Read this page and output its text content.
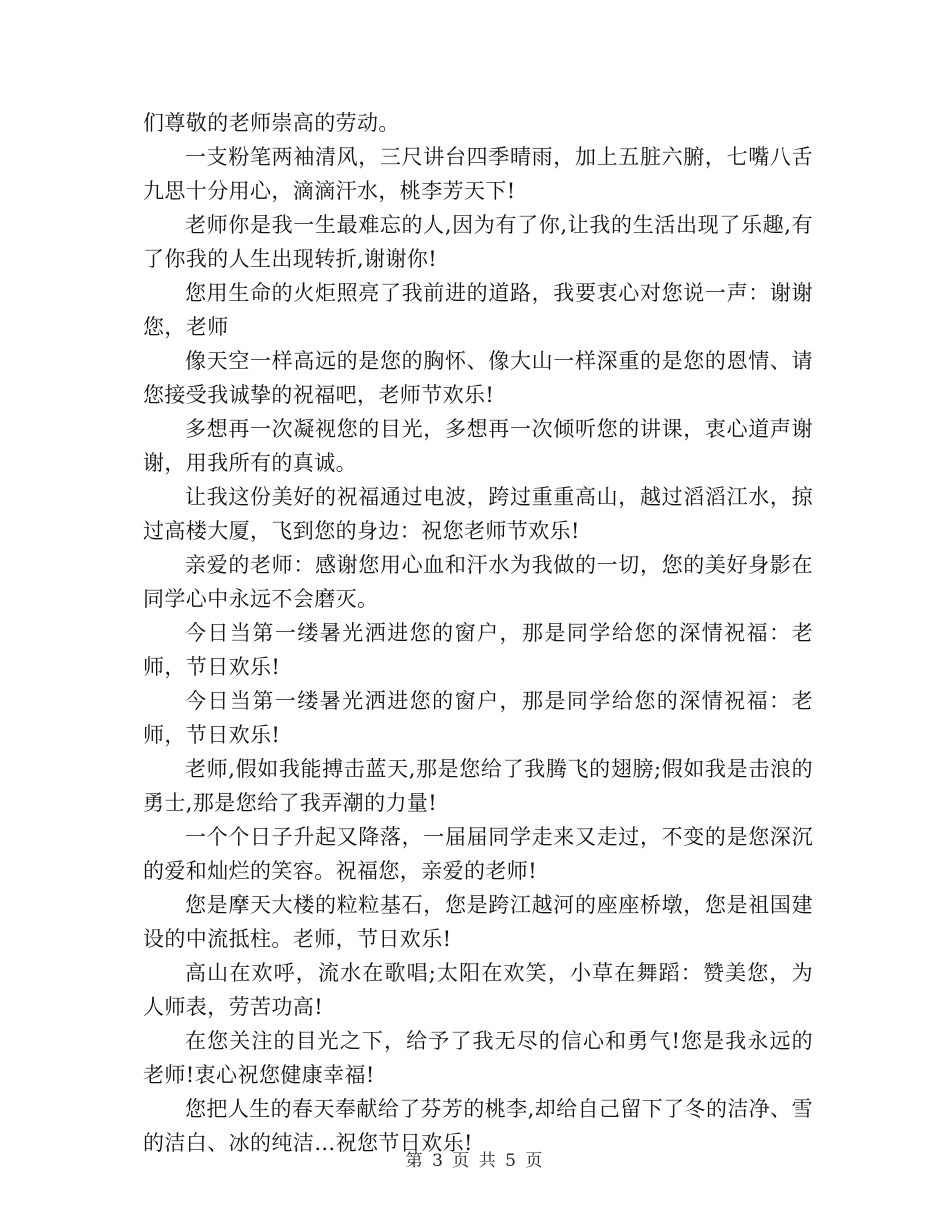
们尊敬的老师崇高的劳动。

一支粉笔两袖清风，三尺讲台四季晴雨，加上五脏六腑，七嘴八舌九思十分用心，滴滴汗水，桃李芳天下!

老师你是我一生最难忘的人,因为有了你,让我的生活出现了乐趣,有了你我的人生出现转折,谢谢你!

您用生命的火炬照亮了我前进的道路，我要衷心对您说一声：谢谢您，老师

像天空一样高远的是您的胸怀、像大山一样深重的是您的恩情、请您接受我诚挚的祝福吧，老师节欢乐!

多想再一次凝视您的目光，多想再一次倾听您的讲课，衷心道声谢谢，用我所有的真诚。

让我这份美好的祝福通过电波，跨过重重高山，越过滔滔江水，掠过高楼大厦，飞到您的身边：祝您老师节欢乐!

亲爱的老师：感谢您用心血和汗水为我做的一切，您的美好身影在同学心中永远不会磨灭。

今日当第一缕暑光洒进您的窗户，那是同学给您的深情祝福：老师，节日欢乐!

今日当第一缕暑光洒进您的窗户，那是同学给您的深情祝福：老师，节日欢乐!

老师,假如我能搏击蓝天,那是您给了我腾飞的翅膀;假如我是击浪的勇士,那是您给了我弄潮的力量!

一个个日子升起又降落，一届届同学走来又走过，不变的是您深沉的爱和灿烂的笑容。祝福您，亲爱的老师!

您是摩天大楼的粒粒基石，您是跨江越河的座座桥墩，您是祖国建设的中流抵柱。老师，节日欢乐!

高山在欢呼，流水在歌唱;太阳在欢笑，小草在舞蹈：赞美您，为人师表，劳苦功高!

在您关注的目光之下，给予了我无尽的信心和勇气!您是我永远的老师!衷心祝您健康幸福!

您把人生的春天奉献给了芬芳的桃李,却给自己留下了冬的洁净、雪的洁白、冰的纯洁…祝您节日欢乐!

第 3 页 共 5 页
